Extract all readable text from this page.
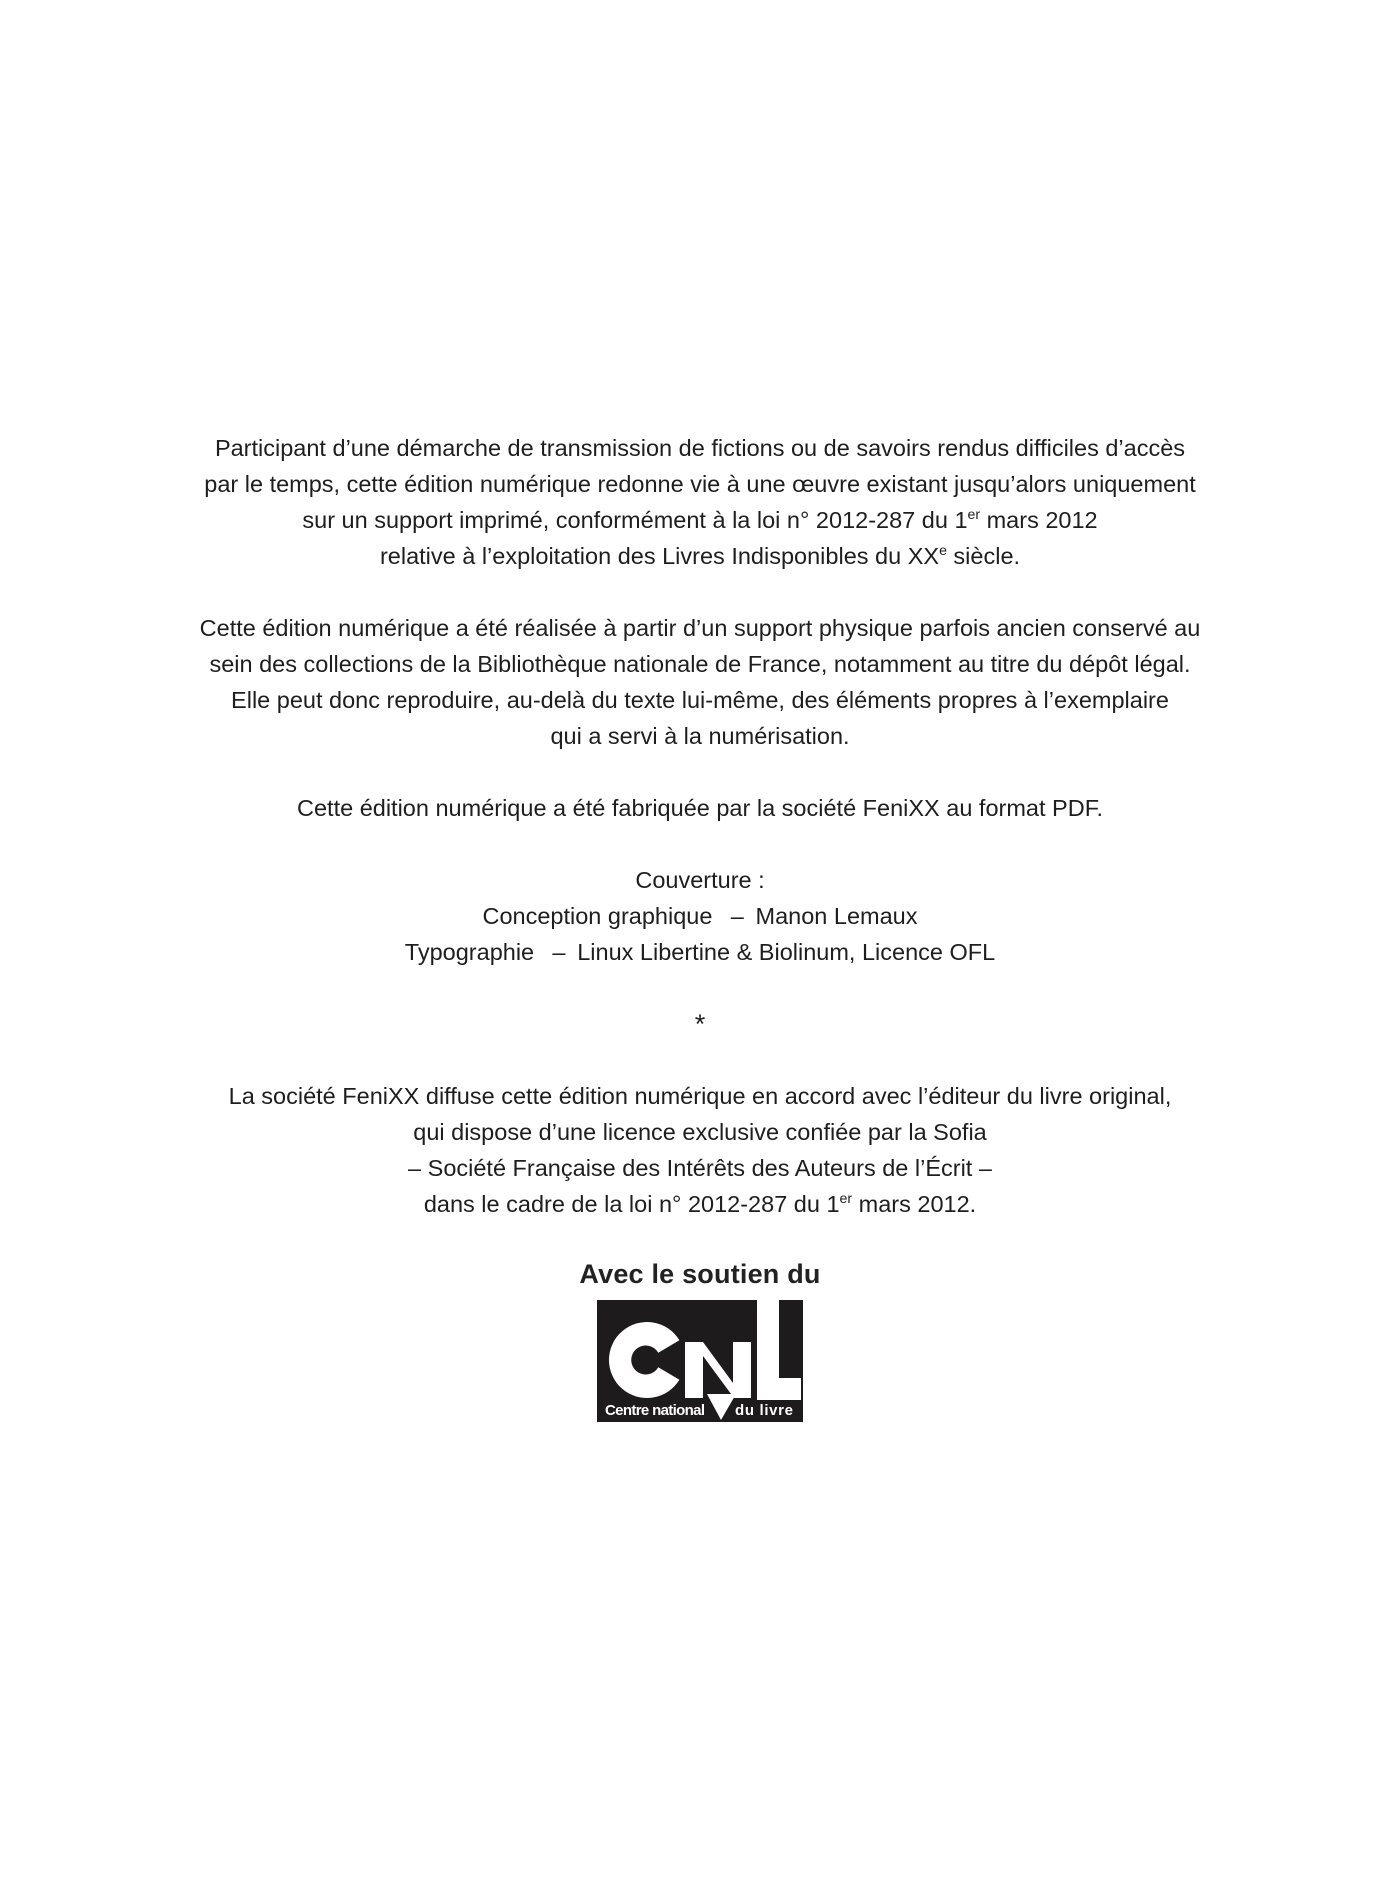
Participant d’une démarche de transmission de fictions ou de savoirs rendus difficiles d’accès
par le temps, cette édition numérique redonne vie à une œuvre existant jusqu’alors uniquement
sur un support imprimé, conformément à la loi n° 2012-287 du 1er mars 2012
relative à l’exploitation des Livres Indisponibles du XXe siècle.
Cette édition numérique a été réalisée à partir d’un support physique parfois ancien conservé au
sein des collections de la Bibliothèque nationale de France, notamment au titre du dépôt légal.
Elle peut donc reproduire, au-delà du texte lui-même, des éléments propres à l’exemplaire
qui a servi à la numérisation.
Cette édition numérique a été fabriquée par la société FeniXX au format PDF.
Couverture :
Conception graphique  – Manon Lemaux
Typographie  – Linux Libertine & Biolinum, Licence OFL
*
La société FeniXX diffuse cette édition numérique en accord avec l’éditeur du livre original,
qui dispose d’une licence exclusive confiée par la Sofia
– Société Française des Intérêts des Auteurs de l’Écrit –
dans le cadre de la loi n° 2012-287 du 1er mars 2012.
Avec le soutien du
Centre national du livre
